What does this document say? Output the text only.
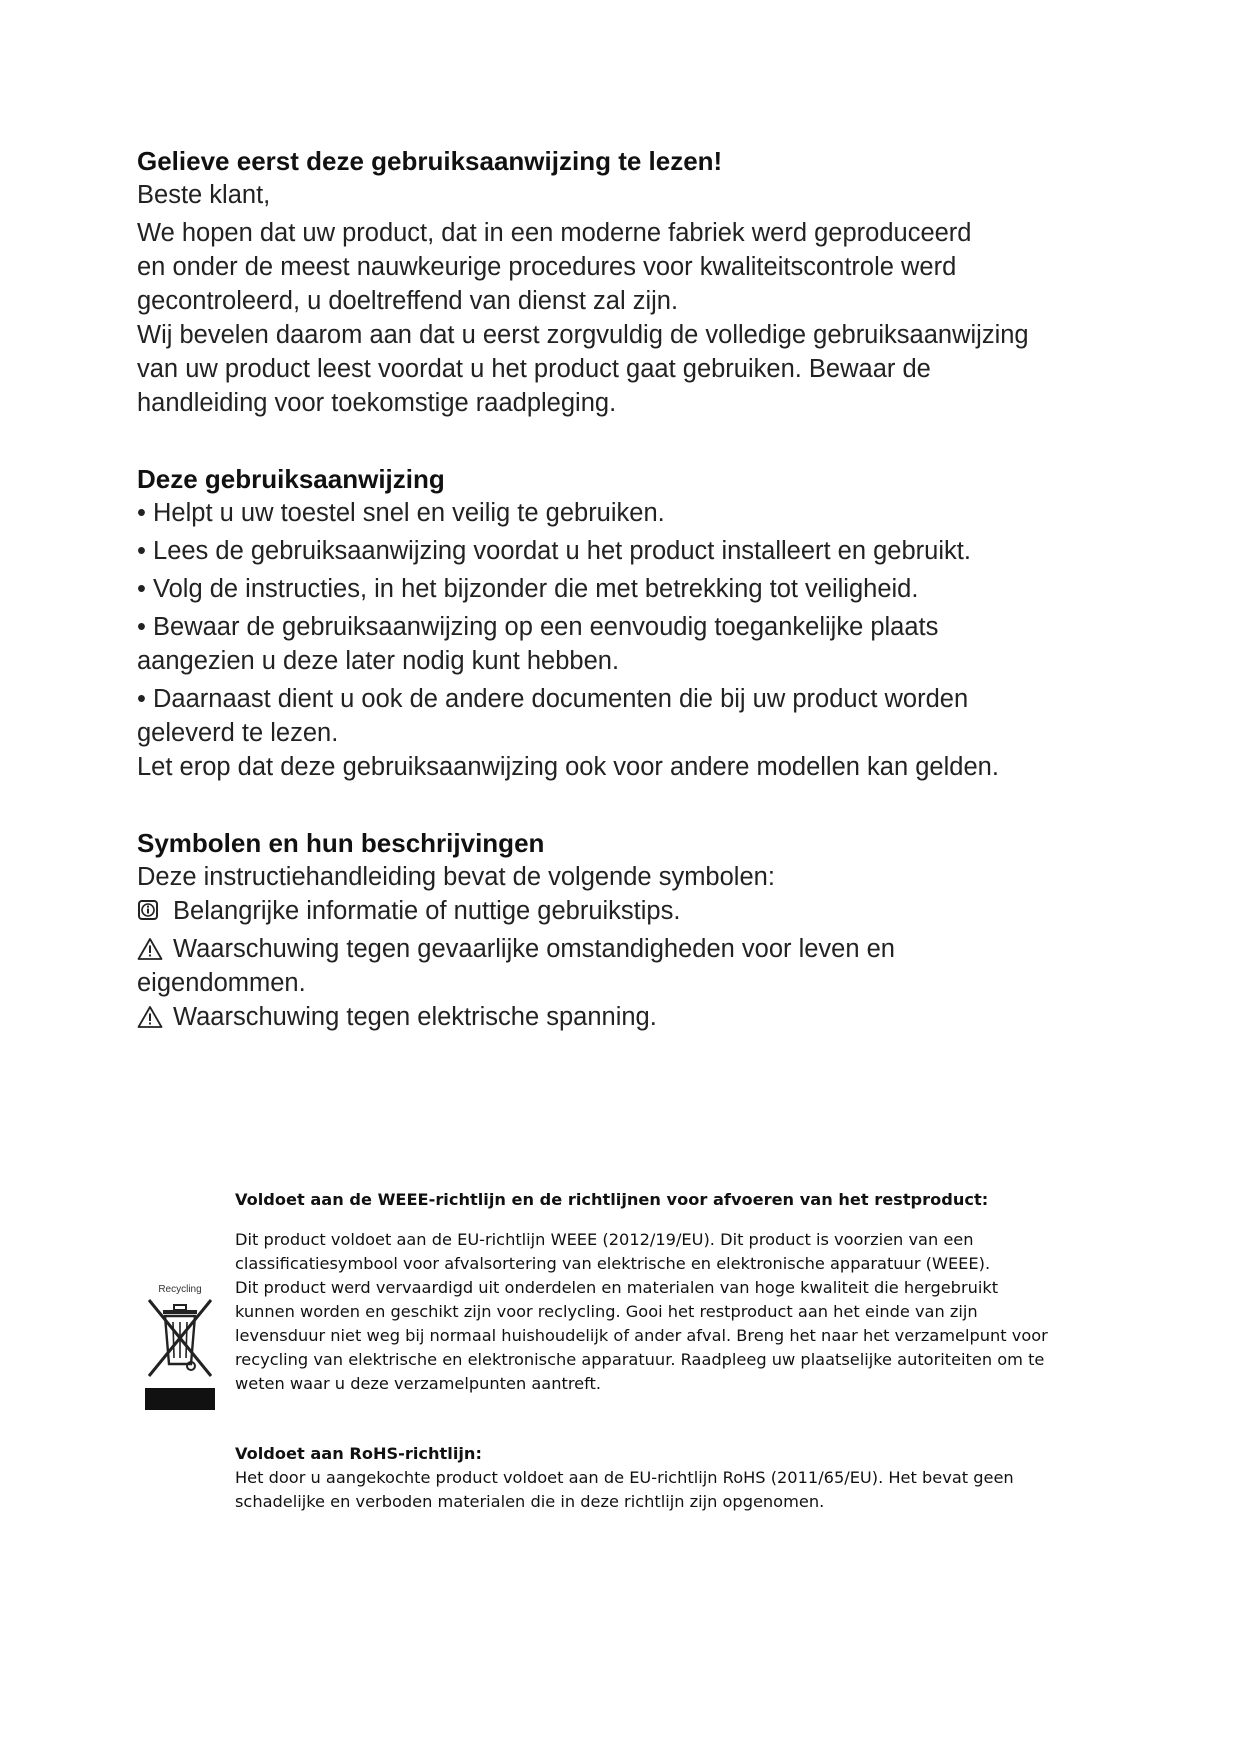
Gelieve eerst deze gebruiksaanwijzing te lezen!

Beste klant,

We hopen dat uw product, dat in een moderne fabriek werd geproduceerd

en onder de meest nauwkeurige procedures voor kwaliteitscontrole werd

gecontroleerd, u doeltreffend van dienst zal zijn.

Wij bevelen daarom aan dat u eerst zorgvuldig de volledige gebruiksaanwijzing

van uw product leest voordat u het product gaat gebruiken. Bewaar de

handleiding voor toekomstige raadpleging.

Deze gebruiksaanwijzing

• Helpt u uw toestel snel en veilig te gebruiken.

• Lees de gebruiksaanwijzing voordat u het product installeert en gebruikt.

• Volg de instructies, in het bijzonder die met betrekking tot veiligheid.

• Bewaar de gebruiksaanwijzing op een eenvoudig toegankelijke plaats

aangezien u deze later nodig kunt hebben.

• Daarnaast dient u ook de andere documenten die bij uw product worden

geleverd te lezen.

Let erop dat deze gebruiksaanwijzing ook voor andere modellen kan gelden.

Symbolen en hun beschrijvingen

Deze instructiehandleiding bevat de volgende symbolen:

Belangrijke informatie of nuttige gebruikstips.
Waarschuwing tegen gevaarlijke omstandigheden voor leven en

eigendommen.

Waarschuwing tegen elektrische spanning.
Recycling

Voldoet aan de WEEE-richtlijn en de richtlijnen voor afvoeren van het restproduct:

Dit product voldoet aan de EU-richtlijn WEEE (2012/19/EU). Dit product is voorzien van een

classificatiesymbool voor afvalsortering van elektrische en elektronische apparatuur (WEEE).

Dit product werd vervaardigd uit onderdelen en materialen van hoge kwaliteit die hergebruikt

kunnen worden en geschikt zijn voor reclycling. Gooi het restproduct aan het einde van zijn

levensduur niet weg bij normaal huishoudelijk of ander afval. Breng het naar het verzamelpunt voor

recycling van elektrische en elektronische apparatuur. Raadpleeg uw plaatselijke autoriteiten om te

weten waar u deze verzamelpunten aantreft.

Voldoet aan RoHS-richtlijn:

Het door u aangekochte product voldoet aan de EU-richtlijn RoHS (2011/65/EU). Het bevat geen

schadelijke en verboden materialen die in deze richtlijn zijn opgenomen.
